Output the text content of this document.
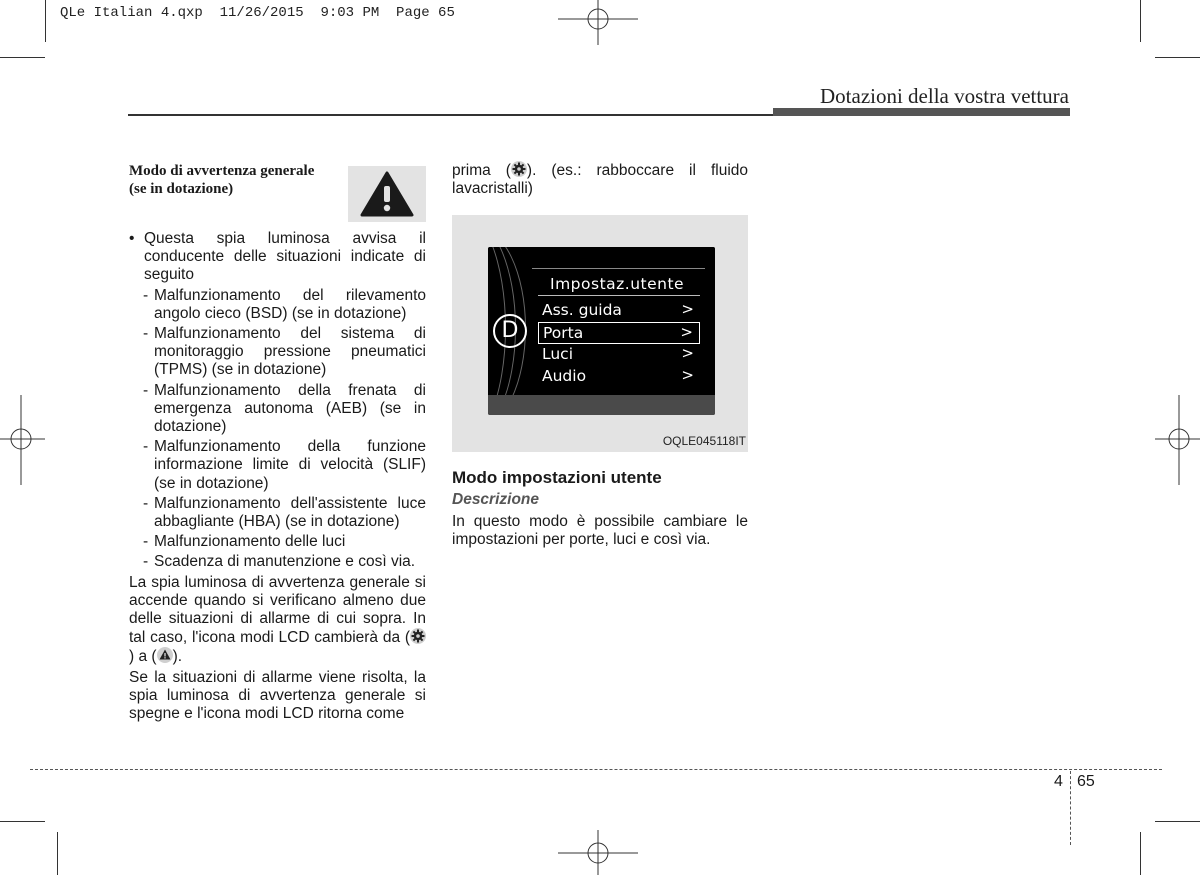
QLe Italian 4.qxp  11/26/2015  9:03 PM  Page 65
Dotazioni della vostra vettura
Modo di avvertenza generale
(se in dotazione)
• Questa spia luminosa avvisa il conducente delle situazioni indicate di seguito
- Malfunzionamento del rilevamento angolo cieco (BSD) (se in dotazione)
- Malfunzionamento del sistema di monitoraggio pressione pneumatici (TPMS) (se in dotazione)
- Malfunzionamento della frenata di emergenza autonoma (AEB) (se in dotazione)
- Malfunzionamento della funzione informazione limite di velocità (SLIF) (se in dotazione)
- Malfunzionamento dell'assistente luce abbagliante (HBA) (se in dotazione)
- Malfunzionamento delle luci
- Scadenza di manutenzione e così via.
La spia luminosa di avvertenza generale si accende quando si verificano almeno due delle situazioni di allarme di cui sopra. In tal caso, l'icona modi LCD cambierà da () a ( ).
Se la situazioni di allarme viene risolta, la spia luminosa di avvertenza generale si spegne e l'icona modi LCD ritorna come
prima ( ). (es.: rabboccare il fluido lavacristalli)
D
Impostaz.utente
Ass. guida	>
Porta	>
Luci	>
Audio	>
OQLE045118IT
Modo impostazioni utente
Descrizione
In questo modo è possibile cambiare le impostazioni per porte, luci e così via.
4 65
